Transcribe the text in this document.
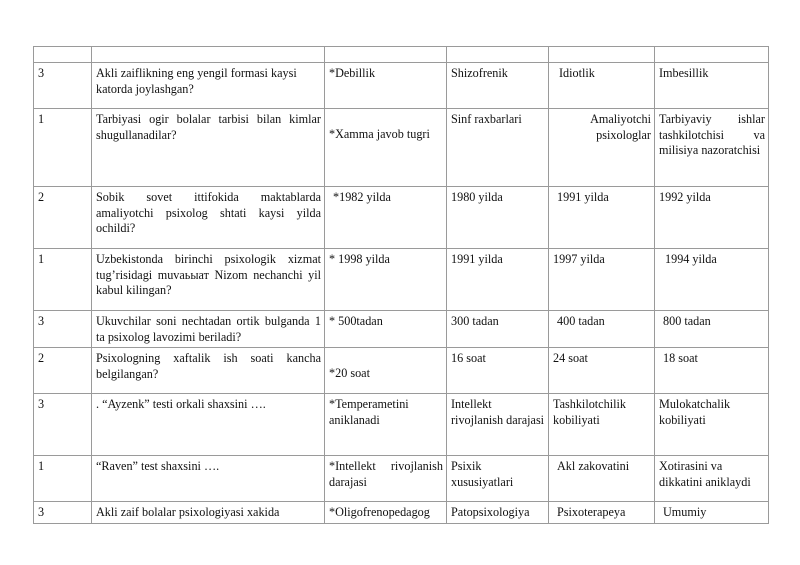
3	Akli zaiflikning eng yengil formasi kaysi katorda joylashgan?	*Debillik	Shizofrenik	Idiotlik	Imbesillik
1	Tarbiyasi ogir bolalar tarbisi bilan kimlar shugullanadilar?	*Xamma javob tugri	Sinf raxbarlari	Amaliyotchi psixologlar	Tarbiyaviy ishlar tashkilotchisi va milisiya nazoratchisi
2	Sobik sovet ittifokida maktablarda amaliyotchi psixolog shtati kaysi yilda ochildi?	*1982 yilda	1980 yilda	1991 yilda	1992 yilda
1	Uzbekistonda birinchi psixologik xizmat tug’risidagi muvaьыат Nizom nechanchi yil kabul kilingan?	* 1998 yilda	1991 yilda	1997 yilda	1994 yilda
3	Ukuvchilar soni nechtadan ortik bulganda 1 ta psixolog lavozimi beriladi?	* 500tadan	300 tadan	400 tadan	800 tadan
2	Psixologning xaftalik ish soati kancha belgilangan?	*20 soat	16 soat	24 soat	18 soat
3	. “Ayzenk” testi orkali shaxsini ….	*Temperametini aniklanadi	Intellekt rivojlanish darajasi	Tashkilotchilik kobiliyati	Mulokatchalik kobiliyati
1	“Raven” test shaxsini ….	*Intellekt rivojlanish darajasi	Psixik xususiyatlari	Akl zakovatini	Xotirasini va dikkatini aniklaydi
3	Akli zaif bolalar psixologiyasi xakida	*Oligofrenopedagog	Patopsixologiya	Psixoterapeya	Umumiy
